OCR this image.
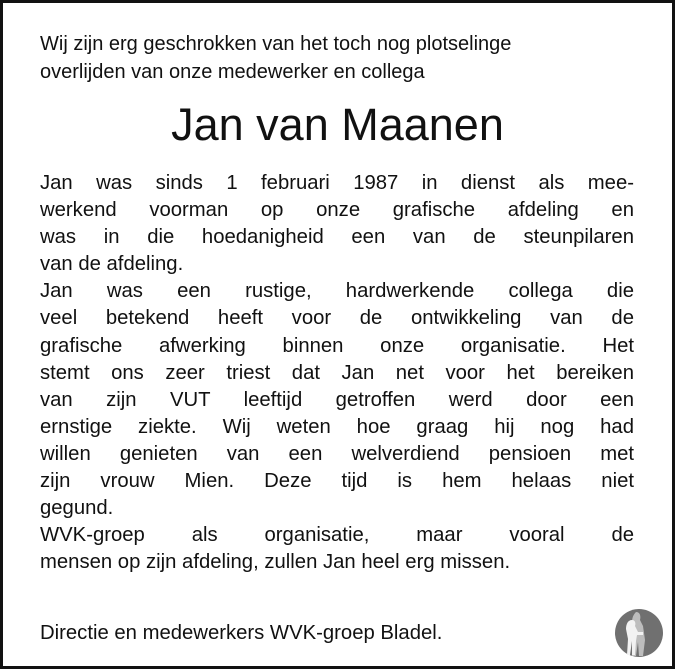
Wij zijn erg geschrokken van het toch nog plotselinge
overlijden van onze medewerker en collega
Jan van Maanen
Jan was sinds 1 februari 1987 in dienst als mee-
werkend voorman op onze grafische afdeling en
was in die hoedanigheid een van de steunpilaren
van de afdeling.
Jan was een rustige, hardwerkende collega die
veel betekend heeft voor de ontwikkeling van de
grafische afwerking binnen onze organisatie. Het
stemt ons zeer triest dat Jan net voor het bereiken
van zijn VUT leeftijd getroffen werd door een
ernstige ziekte. Wij weten hoe graag hij nog had
willen genieten van een welverdiend pensioen met
zijn vrouw Mien. Deze tijd is hem helaas niet
gegund.
WVK-groep als organisatie, maar vooral de
mensen op zijn afdeling, zullen Jan heel erg missen.
Directie en medewerkers WVK-groep Bladel.
